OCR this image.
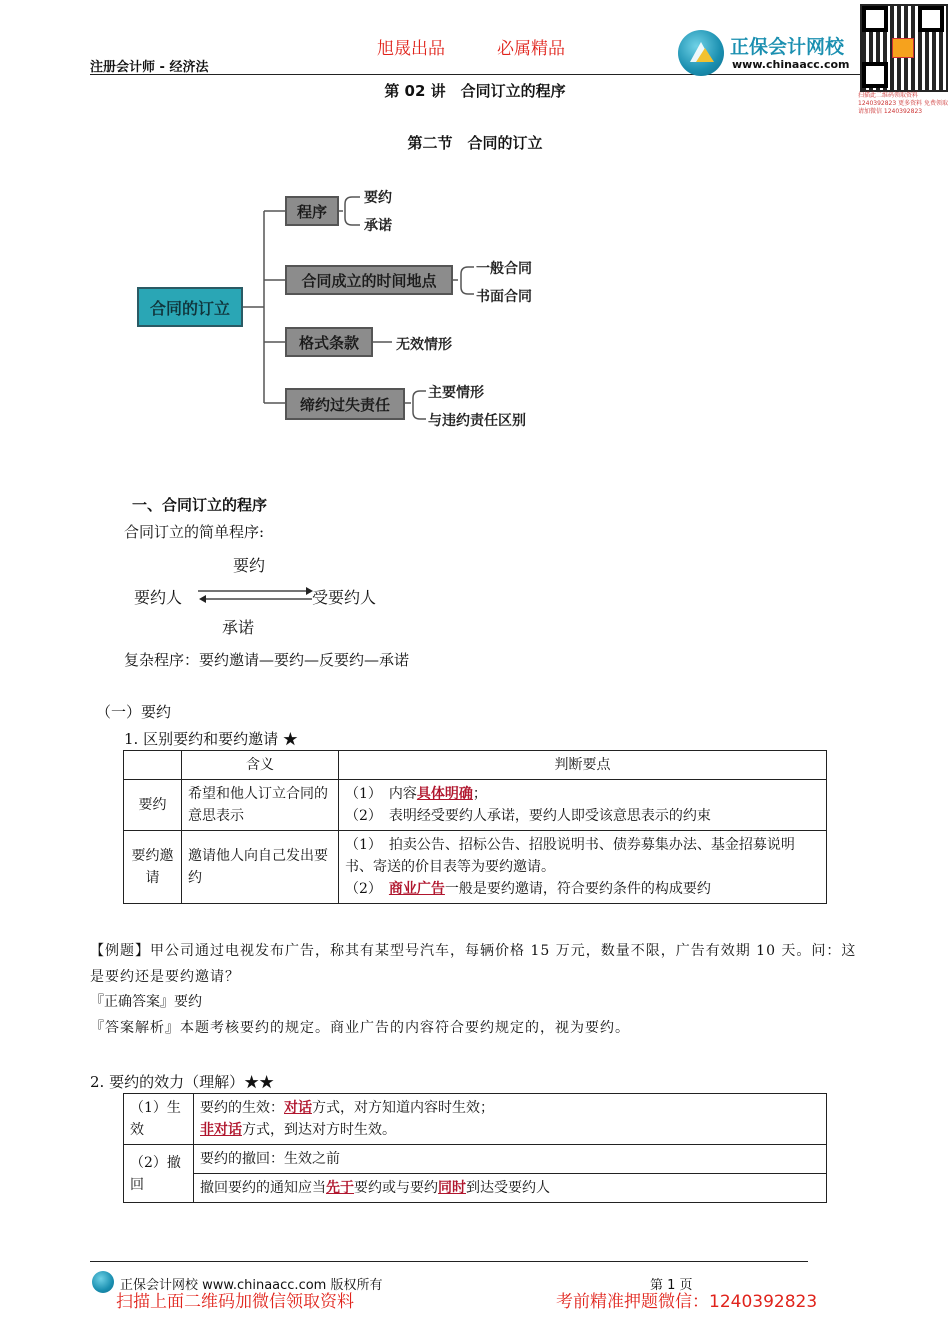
注册会计师 - 经济法
旭晟出品	必属精品	正保会计网校
www.chinaacc.com
扫描此二维码领取资料 1240392823 更多资料 免费领取请加微信 1240392823
第 02 讲　合同订立的程序
第二节　合同的订立
合同的订立
程序
合同成立的时间地点
格式条款
缔约过失责任
要约
承诺
一般合同
书面合同
无效情形
主要情形
与违约责任区别
一、合同订立的程序
合同订立的简单程序:
要约
要约人	受要约人
承诺
复杂程序：要约邀请—要约—反要约—承诺
（一）要约
1. 区别要约和要约邀请 ★
	含义	判断要点
要约	希望和他人订立合同的意思表示	（1）　内容具体明确；
（2）　表明经受要约人承诺，要约人即受该意思表示的约束

要约邀请	邀请他人向自己发出要约	（1）　拍卖公告、招标公告、招股说明书、债券募集办法、基金招募说明书、寄送的价目表等为要约邀请。
（2）　商业广告一般是要约邀请，符合要约条件的构成要约
【例题】甲公司通过电视发布广告，称其有某型号汽车，每辆价格 15 万元，数量不限，广告有效期 10 天。问：这是要约还是要约邀请？
『正确答案』要约
『答案解析』本题考核要约的规定。商业广告的内容符合要约规定的，视为要约。
2. 要约的效力（理解）★★
（1）生效	要约的生效：对话方式，对方知道内容时生效；
非对话方式，到达对方时生效。

（2）撤回	要约的撤回：生效之前
	撤回要约的通知应当先于要约或与要约同时到达受要约人
正保会计网校 www.chinaacc.com 版权所有	第 1 页
扫描上面二维码加微信领取资料	考前精准押题微信：1240392823
